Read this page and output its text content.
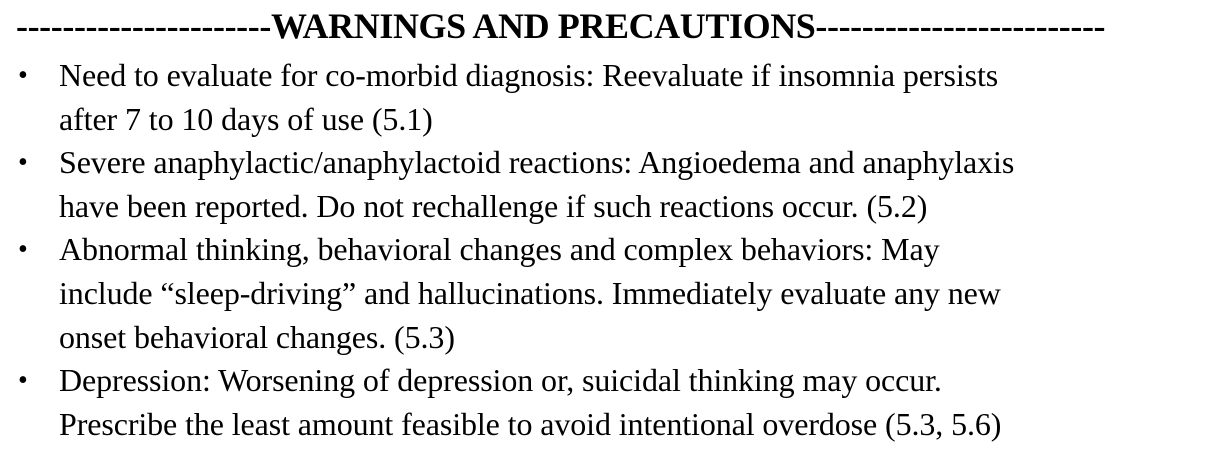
----------------------WARNINGS AND PRECAUTIONS-------------------------
• Need to evaluate for co-morbid diagnosis: Reevaluate if insomnia persists
after 7 to 10 days of use (5.1)
• Severe anaphylactic/anaphylactoid reactions: Angioedema and anaphylaxis
have been reported. Do not rechallenge if such reactions occur. (5.2)
• Abnormal thinking, behavioral changes and complex behaviors: May
include “sleep-driving” and hallucinations. Immediately evaluate any new
onset behavioral changes. (5.3)
• Depression: Worsening of depression or, suicidal thinking may occur.
Prescribe the least amount feasible to avoid intentional overdose (5.3, 5.6)
